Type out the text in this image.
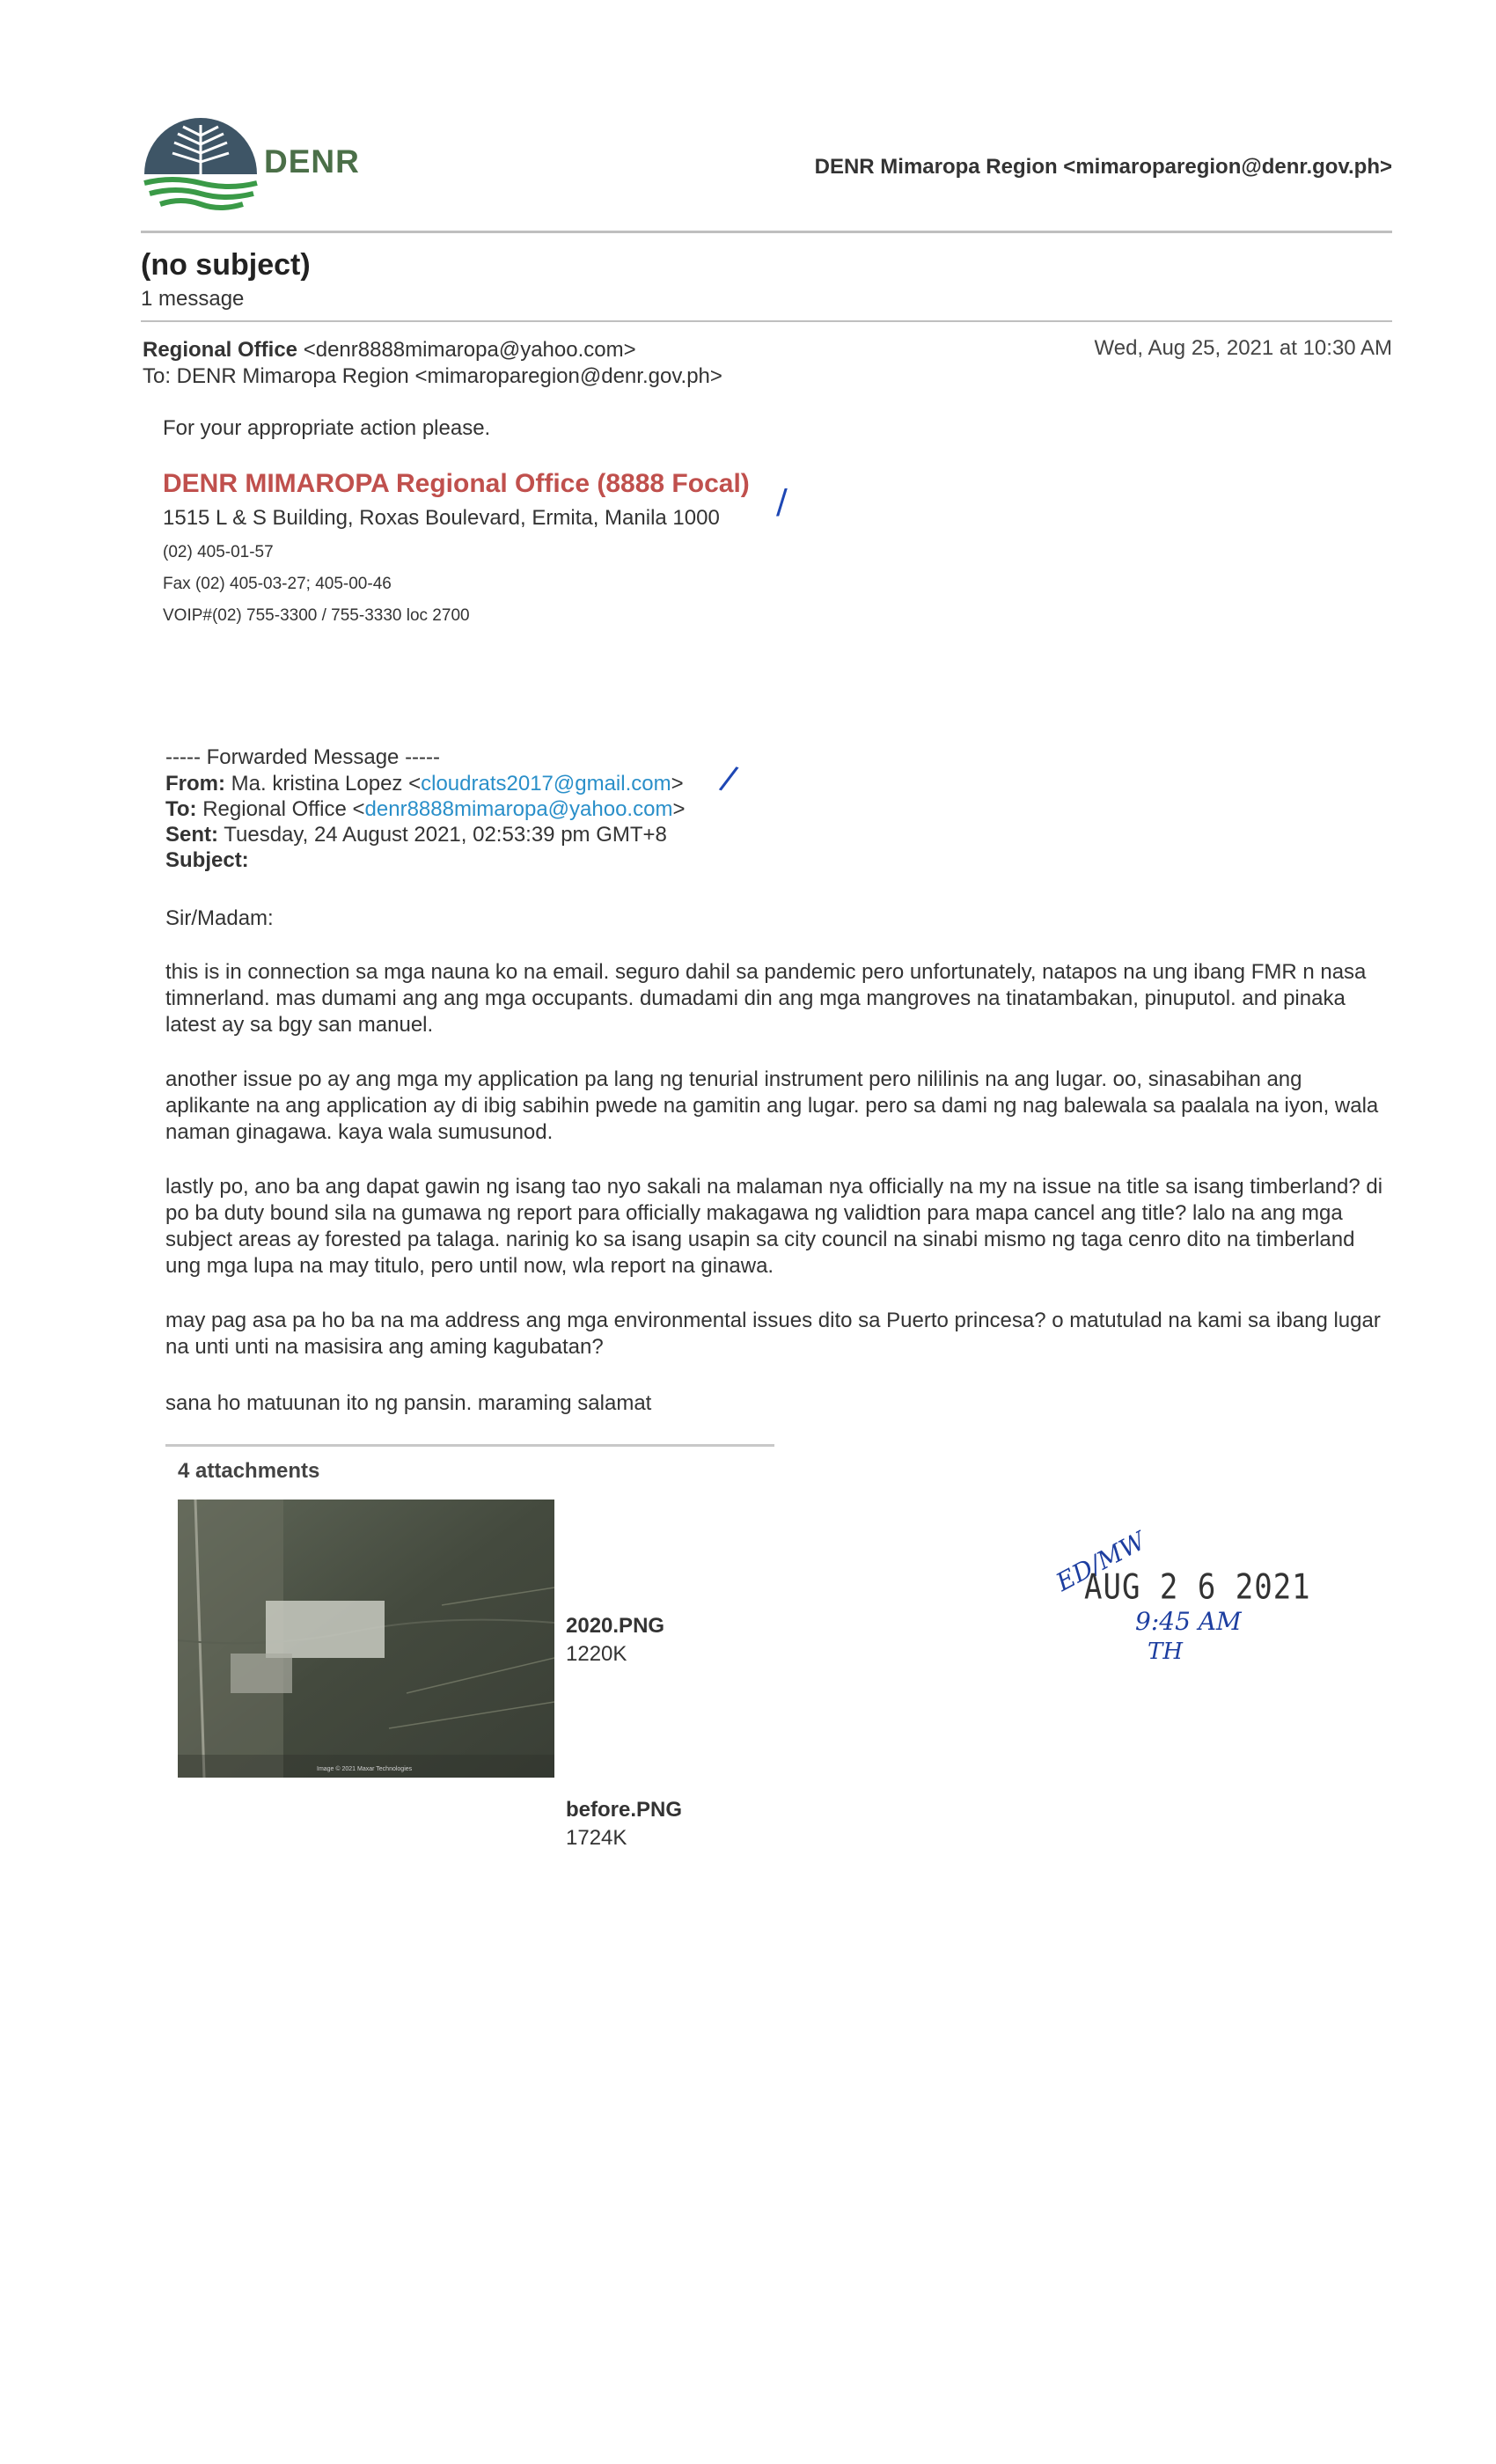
DENR	DENR Mimaropa Region <mimaroparegion@denr.gov.ph>
(no subject)
1 message
Regional Office <denr8888mimaropa@yahoo.com>
To: DENR Mimaropa Region <mimaroparegion@denr.gov.ph>
Wed, Aug 25, 2021 at 10:30 AM
For your appropriate action please.
DENR MIMAROPA Regional Office (8888 Focal) /
1515 L & S Building, Roxas Boulevard, Ermita, Manila 1000
(02) 405-01-57
Fax (02) 405-03-27; 405-00-46
VOIP#(02) 755-3300 / 755-3330 loc 2700
----- Forwarded Message -----
From: Ma. kristina Lopez <cloudrats2017@gmail.com> /
To: Regional Office <denr8888mimaropa@yahoo.com>
Sent: Tuesday, 24 August 2021, 02:53:39 pm GMT+8
Subject:
Sir/Madam:
this is in connection sa mga nauna ko na email. seguro dahil sa pandemic pero unfortunately, natapos na ung ibang FMR n nasa timnerland. mas dumami ang ang mga occupants. dumadami din ang mga mangroves na tinatambakan, pinuputol. and pinaka latest ay sa bgy san manuel.
another issue po ay ang mga my application pa lang ng tenurial instrument pero nililinis na ang lugar. oo, sinasabihan ang aplikante na ang application ay di ibig sabihin pwede na gamitin ang lugar. pero sa dami ng nag balewala sa paalala na iyon, wala naman ginagawa. kaya wala sumusunod.
lastly po, ano ba ang dapat gawin ng isang tao nyo sakali na malaman nya officially na my na issue na title sa isang timberland? di po ba duty bound sila na gumawa ng report para officially makagawa ng validtion para mapa cancel ang title? lalo na ang mga subject areas ay forested pa talaga. narinig ko sa isang usapin sa city council na sinabi mismo ng taga cenro dito na timberland ung mga lupa na may titulo, pero until now, wla report na ginawa.
may pag asa pa ho ba na ma address ang mga environmental issues dito sa Puerto princesa? o matutulad na kami sa ibang lugar na unti unti na masisira ang aming kagubatan?
sana ho matuunan ito ng pansin. maraming salamat
4 attachments
Image © 2021 Maxar Technologies
2020.PNG
1220K
before.PNG
1724K
ED/MW
AUG 2 6 2021
9:45 AM
TH
